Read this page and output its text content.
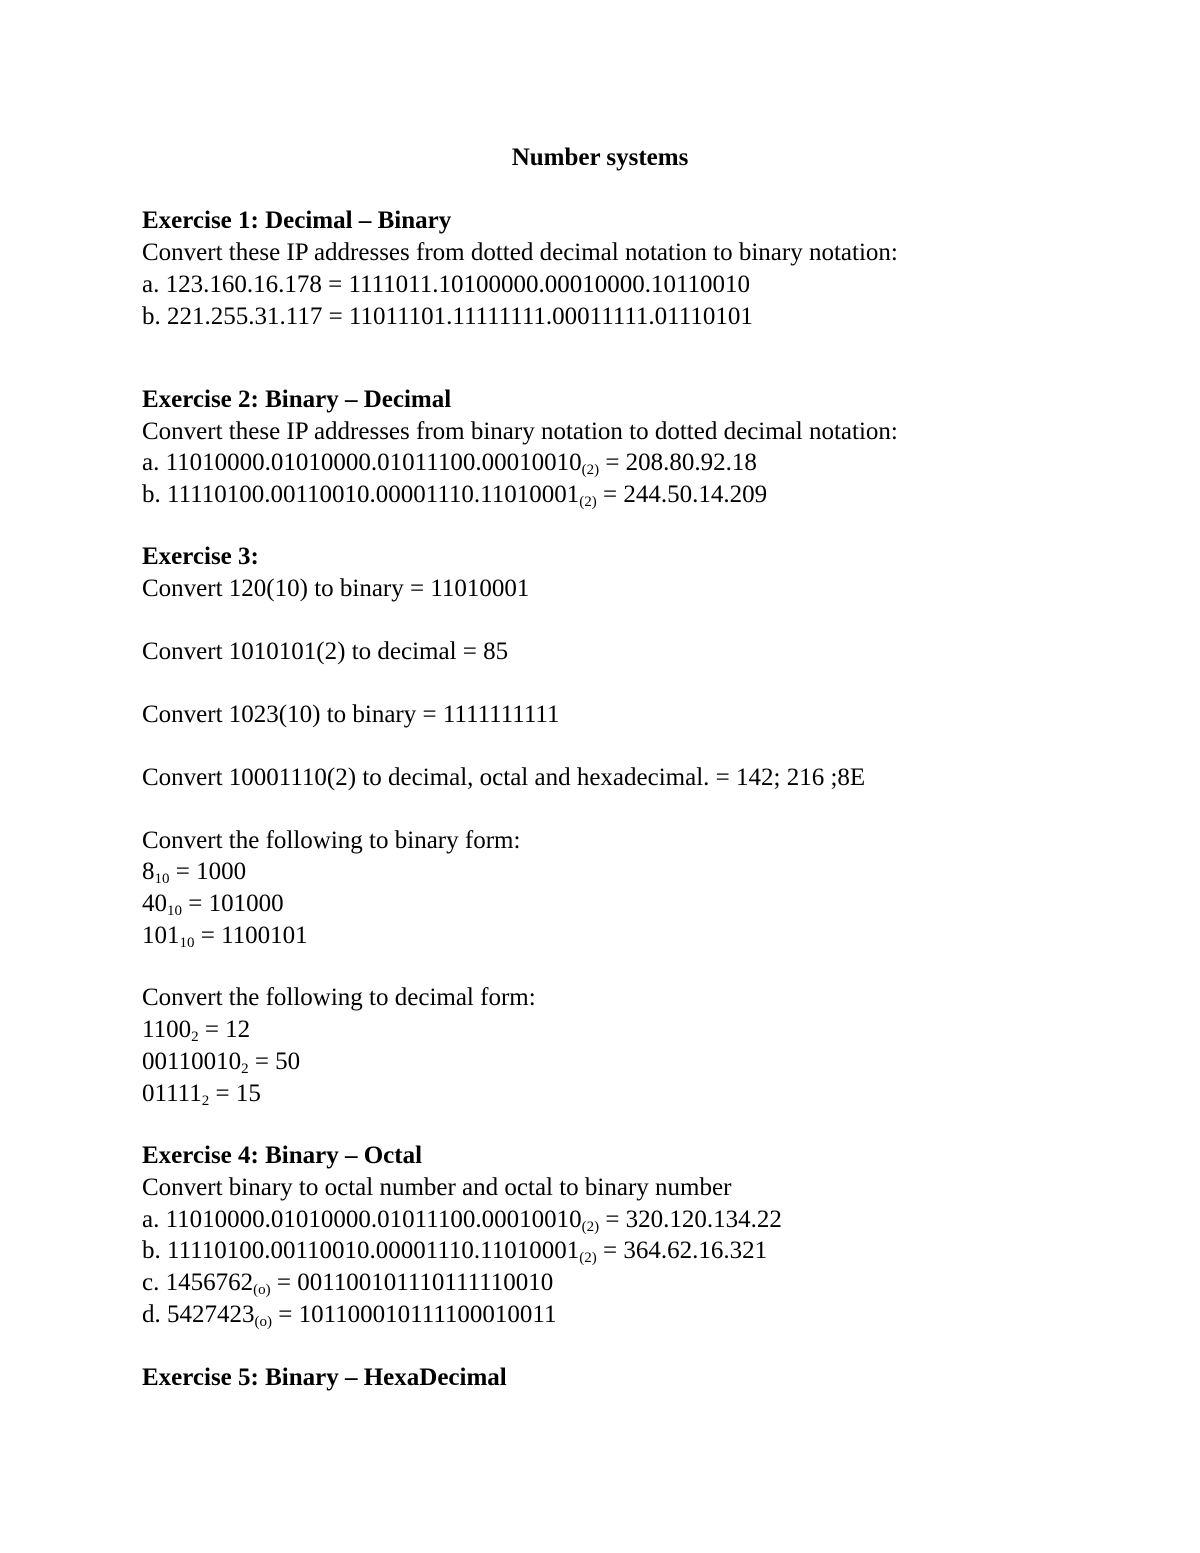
Number systems

Exercise 1: Decimal – Binary

Convert these IP addresses from dotted decimal notation to binary notation:

a. 123.160.16.178 = 1111011.10100000.00010000.10110010

b. 221.255.31.117 = 11011101.11111111.00011111.01110101

Exercise 2: Binary – Decimal

Convert these IP addresses from binary notation to dotted decimal notation:

a. $11010000.01010000.01011100.00010010_{(2)} = 208.80.92.18$

b. $11110100.00110010.00001110.11010001_{(2)} = 244.50.14.209$

Exercise 3:

Convert 120(10) to binary = 11010001

Convert 1010101(2) to decimal = 85

Convert 1023(10) to binary = 1111111111

Convert 10001110(2) to decimal, octal and hexadecimal. = 142; 216 ;8E

Convert the following to binary form:

$8_{10} = 1000$

$40_{10} = 101000$

$101_{10} = 1100101$

Convert the following to decimal form:

$1100_2 = 12$

$00110010_2 = 50$

$01111_2 = 15$

Exercise 4: Binary – Octal

Convert binary to octal number and octal to binary number

a. $11010000.01010000.01011100.00010010_{(2)} = 320.120.134.22$

b. $11110100.00110010.00001110.11010001_{(2)} = 364.62.16.321$

c. $1456762_{(o)} = 001100101110111110010$

d. $5427423_{(o)} = 101100010111100010011$

Exercise 5: Binary – HexaDecimal
